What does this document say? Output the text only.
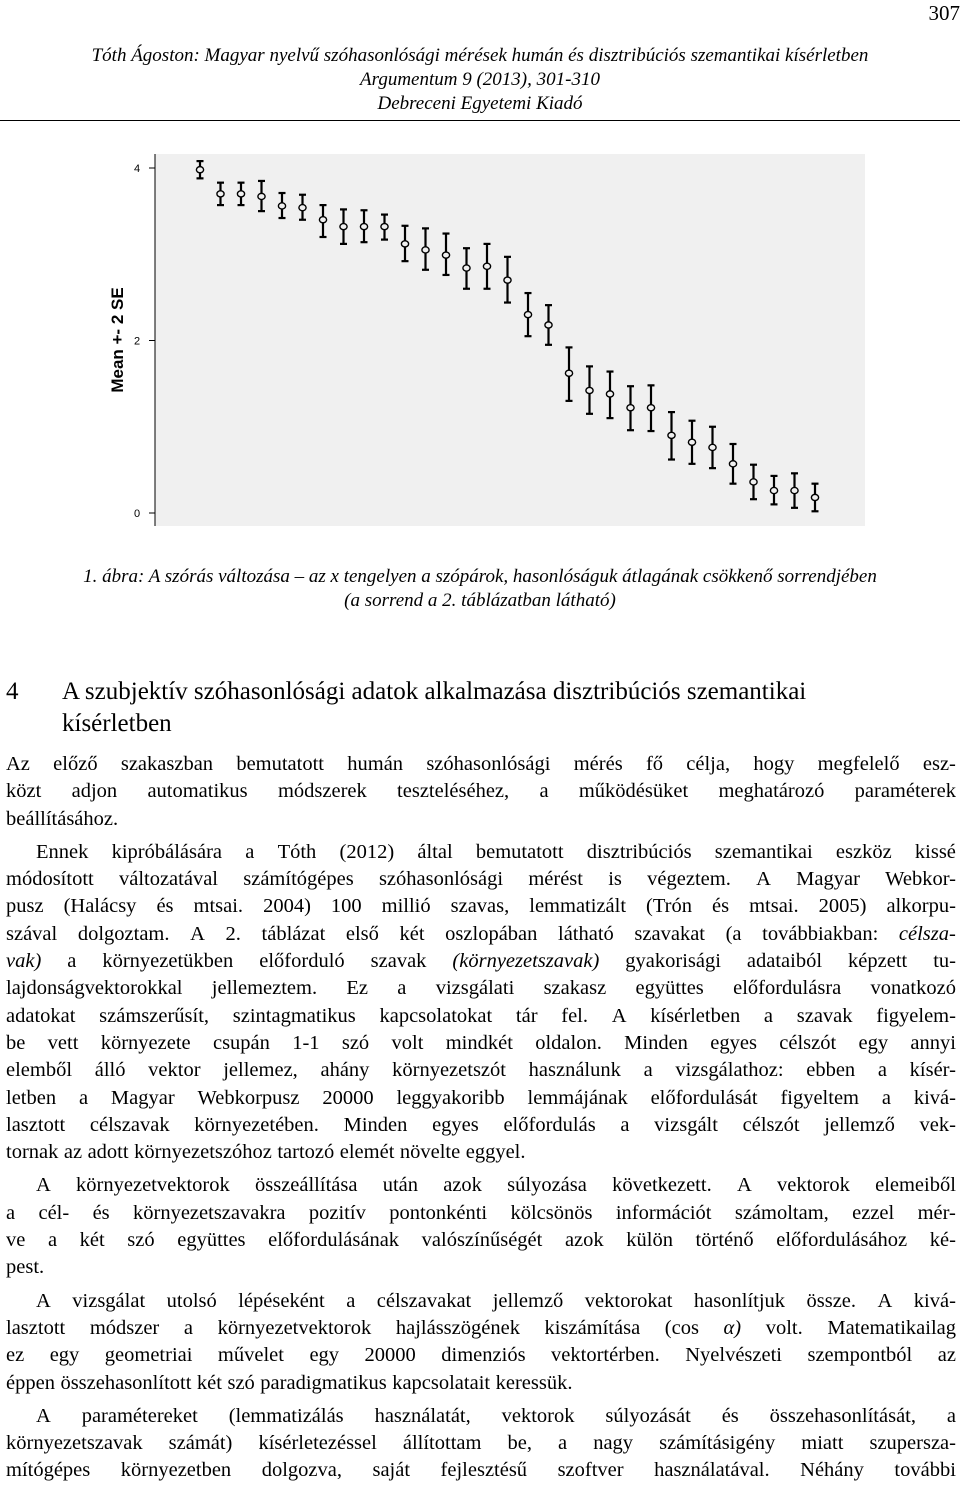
307
Tóth Ágoston: Magyar nyelvű szóhasonlósági mérések humán és disztribúciós szemantikai kísérletben
Argumentum 9 (2013), 301-310
Debreceni Egyetemi Kiadó
0
2
4
Mean +- 2 SE
1. ábra: A szórás változása – az x tengelyen a szópárok, hasonlóságuk átlagának csökkenő sorrendjében
(a sorrend a 2. táblázatban látható)
4 A szubjektív szóhasonlósági adatok alkalmazása disztribúciós szemantikai
kísérletben
Az előző szakaszban bemutatott humán szóhasonlósági mérés fő célja, hogy megfelelő esz-
közt adjon automatikus módszerek teszteléséhez, a működésüket meghatározó paraméterek
beállításához.
Ennek kipróbálására a Tóth (2012) által bemutatott disztribúciós szemantikai eszköz kissé
módosított változatával számítógépes szóhasonlósági mérést is végeztem. A Magyar Webkor-
pusz (Halácsy és mtsai. 2004) 100 millió szavas, lemmatizált (Trón és mtsai. 2005) alkorpu-
szával dolgoztam. A 2. táblázat első két oszlopában látható szavakat (a továbbiakban: célsza-
vak) a környezetükben előforduló szavak (környezetszavak) gyakorisági adataiból képzett tu-
lajdonságvektorokkal jellemeztem. Ez a vizsgálati szakasz együttes előfordulásra vonatkozó
adatokat számszerűsít, szintagmatikus kapcsolatokat tár fel. A kísérletben a szavak figyelem-
be vett környezete csupán 1-1 szó volt mindkét oldalon. Minden egyes célszót egy annyi
elemből álló vektor jellemez, ahány környezetszót használunk a vizsgálathoz: ebben a kísér-
letben a Magyar Webkorpusz 20000 leggyakoribb lemmájának előfordulását figyeltem a kivá-
lasztott célszavak környezetében. Minden egyes előfordulás a vizsgált célszót jellemző vek-
tornak az adott környezetszóhoz tartozó elemét növelte eggyel.
A környezetvektorok összeállítása után azok súlyozása következett. A vektorok elemeiből
a cél- és környezetszavakra pozitív pontonkénti kölcsönös információt számoltam, ezzel mér-
ve a két szó együttes előfordulásának valószínűségét azok külön történő előfordulásához ké-
pest.
A vizsgálat utolsó lépéseként a célszavakat jellemző vektorokat hasonlítjuk össze. A kivá-
lasztott módszer a környezetvektorok hajlásszögének kiszámítása (cos α) volt. Matematikailag
ez egy geometriai művelet egy 20000 dimenziós vektortérben. Nyelvészeti szempontból az
éppen összehasonlított két szó paradigmatikus kapcsolatait keressük.
A paramétereket (lemmatizálás használatát, vektorok súlyozását és összehasonlítását, a
környezetszavak számát) kísérletezéssel állítottam be, a nagy számításigény miatt szupersza-
mítógépes környezetben dolgozva, saját fejlesztésű szoftver használatával. Néhány további
